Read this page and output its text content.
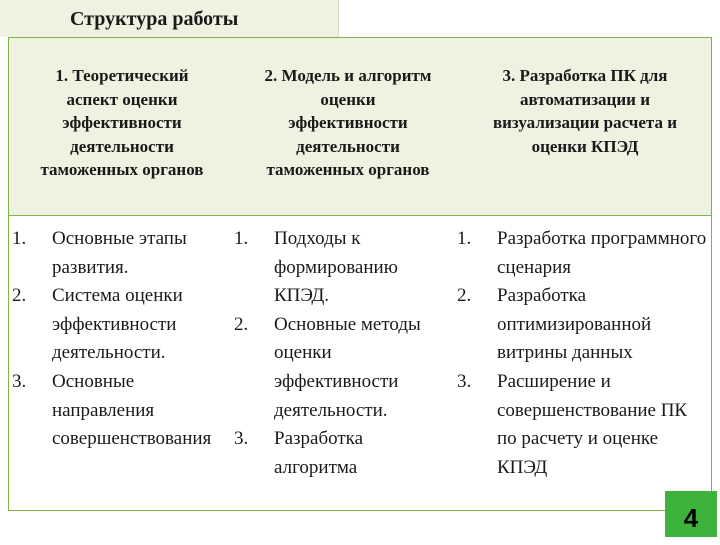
Структура работы
1. Теоретический
аспект оценки
эффективности
деятельности
таможенных органов
2. Модель и алгоритм
оценки
эффективности
деятельности
таможенных органов
3. Разработка ПК для
автоматизации и
визуализации расчета и
оценки КПЭД
1. Основные этапы развития.
2. Система оценки эффективности деятельности.
3. Основные направления совершенствования
1. Подходы к формированию КПЭД.
2. Основные методы оценки эффективности деятельности.
3. Разработка алгоритма
1. Разработка программного сценария
2. Разработка оптимизированной витрины данных
3. Расширение и совершенствование ПК по расчету и оценке КПЭД
4
